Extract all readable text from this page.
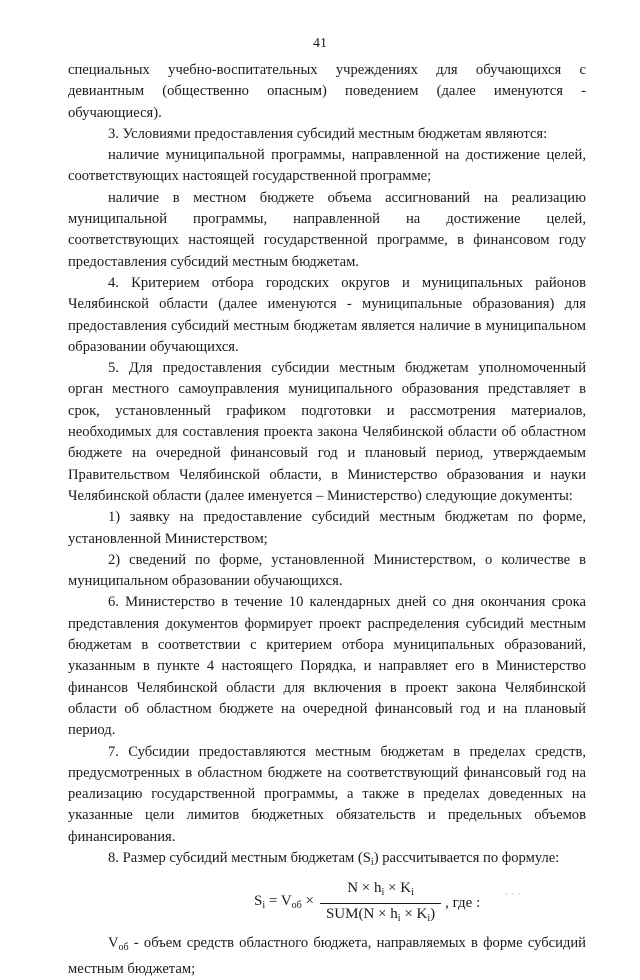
41

специальных учебно-воспитательных учреждениях для обучающихся с девиантным (общественно опасным) поведением (далее именуются - обучающиеся).

3. Условиями предоставления субсидий местным бюджетам являются:

наличие муниципальной программы, направленной на достижение целей, соответствующих настоящей государственной программе;

наличие в местном бюджете объема ассигнований на реализацию муниципальной программы, направленной на достижение целей, соответствующих настоящей государственной программе, в финансовом году предоставления субсидий местным бюджетам.

4. Критерием отбора городских округов и муниципальных районов Челябинской области (далее именуются - муниципальные образования) для предоставления субсидий местным бюджетам является наличие в муниципальном образовании обучающихся.

5. Для предоставления субсидии местным бюджетам уполномоченный орган местного самоуправления муниципального образования представляет в срок, установленный графиком подготовки и рассмотрения материалов, необходимых для составления проекта закона Челябинской области об областном бюджете на очередной финансовый год и плановый период, утверждаемым Правительством Челябинской области, в Министерство образования и науки Челябинской области (далее именуется – Министерство) следующие документы:

1) заявку на предоставление субсидий местным бюджетам по форме, установленной Министерством;

2) сведений по форме, установленной Министерством, о количестве в муниципальном образовании обучающихся.

6. Министерство в течение 10 календарных дней со дня окончания срока представления документов формирует проект распределения субсидий местным бюджетам в соответствии с критерием отбора муниципальных образований, указанным в пункте 4 настоящего Порядка, и направляет его в Министерство финансов Челябинской области для включения в проект закона Челябинской области об областном бюджете на очередной финансовый год и на плановый период.

7. Субсидии предоставляются местным бюджетам в пределах средств, предусмотренных в областном бюджете на соответствующий финансовый год на реализацию государственной программы, а также в пределах доведенных на указанные цели лимитов бюджетных обязательств и предельных объемов финансирования.

8. Размер субсидий местным бюджетам $(S_i)$ рассчитывается по формуле:

$S_i = V_{об} \times \frac{N \times h_i \times K_i}{SUM(N \times h_i \times K_i)}$ , где :

$V_{об}$ - объем средств областного бюджета, направляемых в форме субсидий местным бюджетам;

· · ·
